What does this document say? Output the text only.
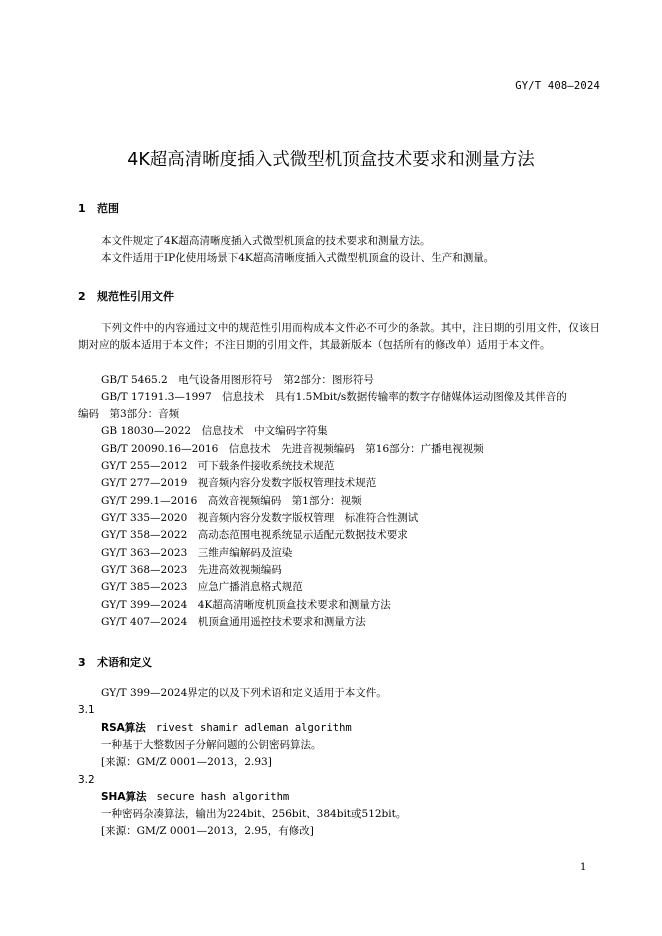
GY/T 408—2024
4K超高清晰度插入式微型机顶盒技术要求和测量方法
1 范围
本文件规定了4K超高清晰度插入式微型机顶盒的技术要求和测量方法。
本文件适用于IP化使用场景下4K超高清晰度插入式微型机顶盒的设计、生产和测量。
2 规范性引用文件
下列文件中的内容通过文中的规范性引用而构成本文件必不可少的条款。其中，注日期的引用文件，仅该日期对应的版本适用于本文件；不注日期的引用文件，其最新版本（包括所有的修改单）适用于本文件。
GB/T 5465.2　电气设备用图形符号　第2部分：图形符号
GB/T 17191.3—1997　信息技术　具有1.5Mbit/s数据传输率的数字存储媒体运动图像及其伴音的
编码　第3部分：音频
GB 18030—2022　信息技术　中文编码字符集
GB/T 20090.16—2016　信息技术　先进音视频编码　第16部分：广播电视视频
GY/T 255—2012　可下载条件接收系统技术规范
GY/T 277—2019　视音频内容分发数字版权管理技术规范
GY/T 299.1—2016　高效音视频编码　第1部分：视频
GY/T 335—2020　视音频内容分发数字版权管理　标准符合性测试
GY/T 358—2022　高动态范围电视系统显示适配元数据技术要求
GY/T 363—2023　三维声编解码及渲染
GY/T 368—2023　先进高效视频编码
GY/T 385—2023　应急广播消息格式规范
GY/T 399—2024　4K超高清晰度机顶盒技术要求和测量方法
GY/T 407—2024　机顶盒通用遥控技术要求和测量方法
3 术语和定义
GY/T 399—2024界定的以及下列术语和定义适用于本文件。
3.1
RSA算法 rivest shamir adleman algorithm
一种基于大整数因子分解问题的公钥密码算法。
[来源：GM/Z 0001—2013，2.93]
3.2
SHA算法 secure hash algorithm
一种密码杂凑算法，输出为224bit、256bit、384bit或512bit。
[来源：GM/Z 0001—2013，2.95，有修改]
1
